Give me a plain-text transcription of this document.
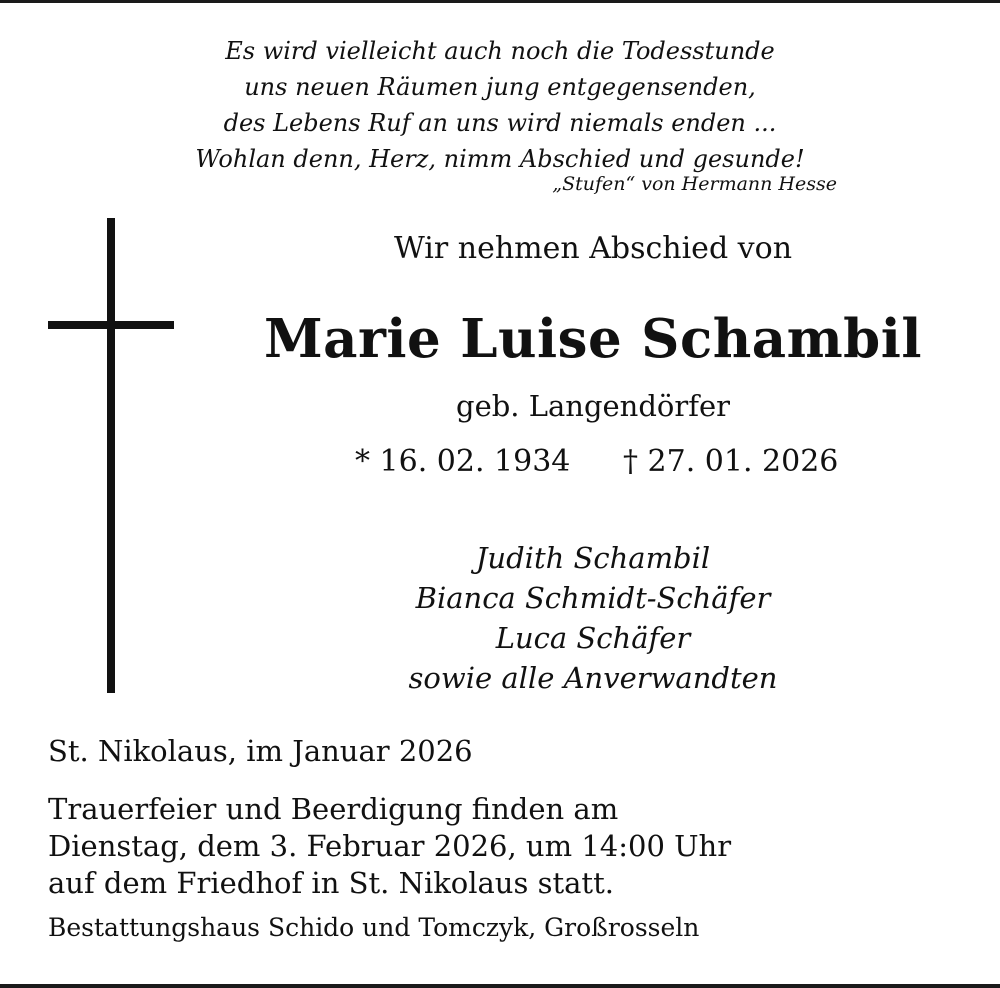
Es wird vielleicht auch noch die Todesstunde
uns neuen Räumen jung entgegensenden,
des Lebens Ruf an uns wird niemals enden ...
Wohlan denn, Herz, nimm Abschied und gesunde!
„Stufen“ von Hermann Hesse
Wir nehmen Abschied von
Marie Luise Schambil
geb. Langendörfer
* 16. 02. 1934 † 27. 01. 2026
Judith Schambil
Bianca Schmidt-Schäfer
Luca Schäfer
sowie alle Anverwandten
St. Nikolaus, im Januar 2026
Trauerfeier und Beerdigung finden am
Dienstag, dem 3. Februar 2026, um 14:00 Uhr
auf dem Friedhof in St. Nikolaus statt.
Bestattungshaus Schido und Tomczyk, Großrosseln
